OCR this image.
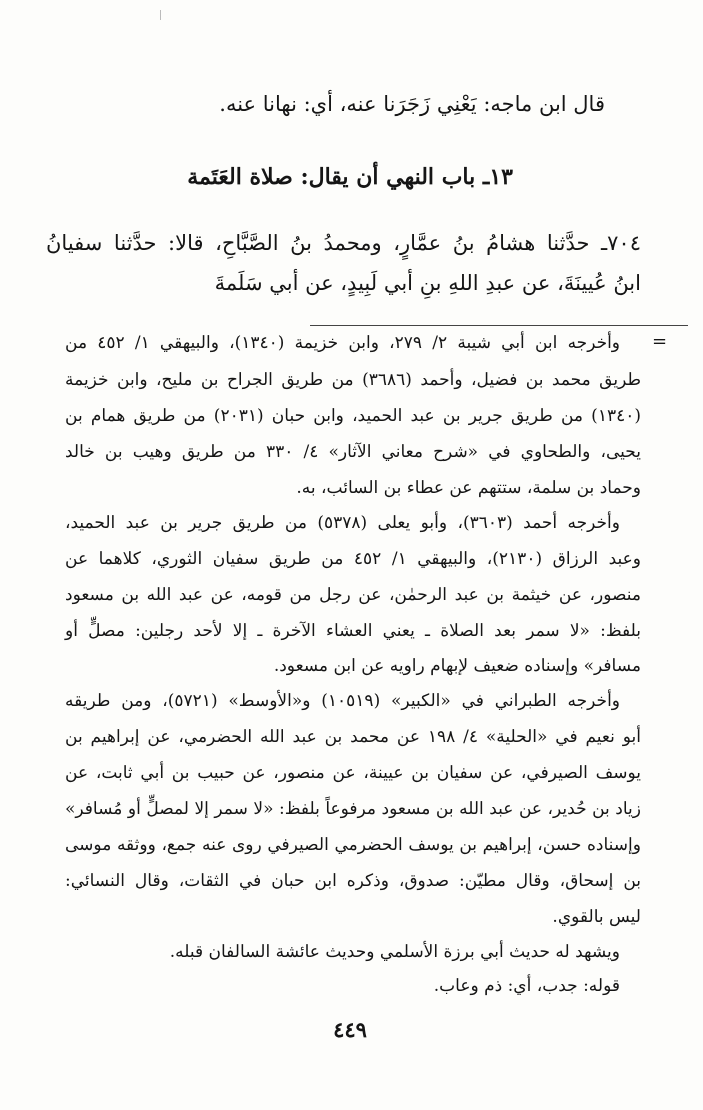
قال ابن ماجه: يَعْنِي زَجَرَنا عنه، أي: نهانا عنه.
١٣ـ باب النهي أن يقال: صلاة العَتَمة
٧٠٤ـ حدَّثنا هشامُ بنُ عمَّارٍ، ومحمدُ بنُ الصَّبَّاحِ، قالا: حدَّثنا سفيانُ
ابنُ عُيينَةَ، عن عبدِ اللهِ بنِ أبي لَبِيدٍ، عن أبي سَلَمةَ
=
وأخرجه ابن أبي شيبة ٢/ ٢٧٩، وابن خزيمة (١٣٤٠)، والبيهقي ١/ ٤٥٢ من
طريق محمد بن فضيل، وأحمد (٣٦٨٦) من طريق الجراح بن مليح، وابن خزيمة
(١٣٤٠) من طريق جرير بن عبد الحميد، وابن حبان (٢٠٣١) من طريق همام بن
يحيى، والطحاوي في «شرح معاني الآثار» ٤/ ٣٣٠ من طريق وهيب بن خالد
وحماد بن سلمة، ستتهم عن عطاء بن السائب، به.
وأخرجه أحمد (٣٦٠٣)، وأبو يعلى (٥٣٧٨) من طريق جرير بن عبد الحميد،
وعبد الرزاق (٢١٣٠)، والبيهقي ١/ ٤٥٢ من طريق سفيان الثوري، كلاهما عن
منصور، عن خيثمة بن عبد الرحمٰن، عن رجل من قومه، عن عبد الله بن مسعود
بلفظ: «لا سمر بعد الصلاة ـ يعني العشاء الآخرة ـ إلا لأحد رجلين: مصلٍّ أو
مسافر» وإسناده ضعيف لإبهام راويه عن ابن مسعود.
وأخرجه الطبراني في «الكبير» (١٠٥١٩) و«الأوسط» (٥٧٢١)، ومن طريقه
أبو نعيم في «الحلية» ٤/ ١٩٨ عن محمد بن عبد الله الحضرمي، عن إبراهيم بن
يوسف الصيرفي، عن سفيان بن عيينة، عن منصور، عن حبيب بن أبي ثابت، عن
زياد بن حُدير، عن عبد الله بن مسعود مرفوعاً بلفظ: «لا سمر إلا لمصلٍّ أو مُسافر»
وإسناده حسن، إبراهيم بن يوسف الحضرمي الصيرفي روى عنه جمع، ووثقه موسى
بن إسحاق، وقال مطيّن: صدوق، وذكره ابن حبان في الثقات، وقال النسائي:
ليس بالقوي.
ويشهد له حديث أبي برزة الأسلمي وحديث عائشة السالفان قبله.
قوله: جدب، أي: ذم وعاب.
٤٤٩
